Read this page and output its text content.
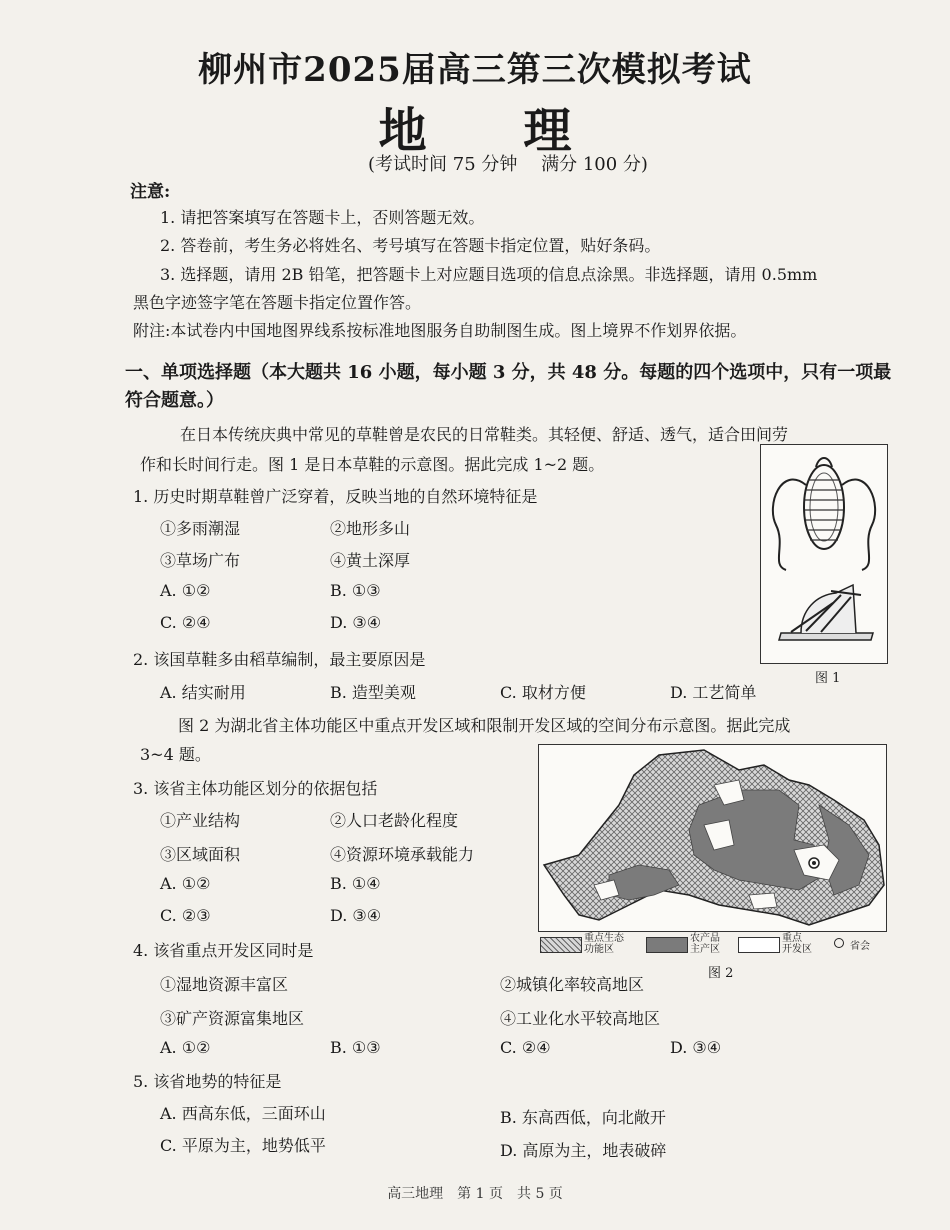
柳州市2025届高三第三次模拟考试
地 理
(考试时间 75 分钟　 满分 100 分)
注意:
1. 请把答案填写在答题卡上，否则答题无效。
2. 答卷前，考生务必将姓名、考号填写在答题卡指定位置，贴好条码。
3. 选择题，请用 2B 铅笔，把答题卡上对应题目选项的信息点涂黑。非选择题，请用 0.5mm
黑色字迹签字笔在答题卡指定位置作答。
附注:本试卷内中国地图界线系按标准地图服务自助制图生成。图上境界不作划界依据。
一、单项选择题（本大题共 16 小题，每小题 3 分，共 48 分。每题的四个选项中，只有一项最
符合题意。）
在日本传统庆典中常见的草鞋曾是农民的日常鞋类。其轻便、舒适、透气，适合田间劳
作和长时间行走。图 1 是日本草鞋的示意图。据此完成 1~2 题。
图 1
1. 历史时期草鞋曾广泛穿着，反映当地的自然环境特征是
①多雨潮湿	②地形多山
③草场广布	④黄土深厚
A. ①②	B. ①③
C. ②④	D. ③④
2. 该国草鞋多由稻草编制，最主要原因是
A. 结实耐用	B. 造型美观	C. 取材方便	D. 工艺简单
图 2 为湖北省主体功能区中重点开发区域和限制开发区域的空间分布示意图。据此完成
3~4 题。
重点生态
功能区
农产品
主产区
重点
开发区	省会
图 2
3. 该省主体功能区划分的依据包括
①产业结构	②人口老龄化程度
③区域面积	④资源环境承载能力
A. ①②	B. ①④
C. ②③	D. ③④
4. 该省重点开发区同时是
①湿地资源丰富区	②城镇化率较高地区
③矿产资源富集地区	④工业化水平较高地区
A. ①②	B. ①③	C. ②④	D. ③④
5. 该省地势的特征是
A. 西高东低，三面环山	B. 东高西低，向北敞开
C. 平原为主，地势低平	D. 高原为主，地表破碎
高三地理　第 1 页　共 5 页
